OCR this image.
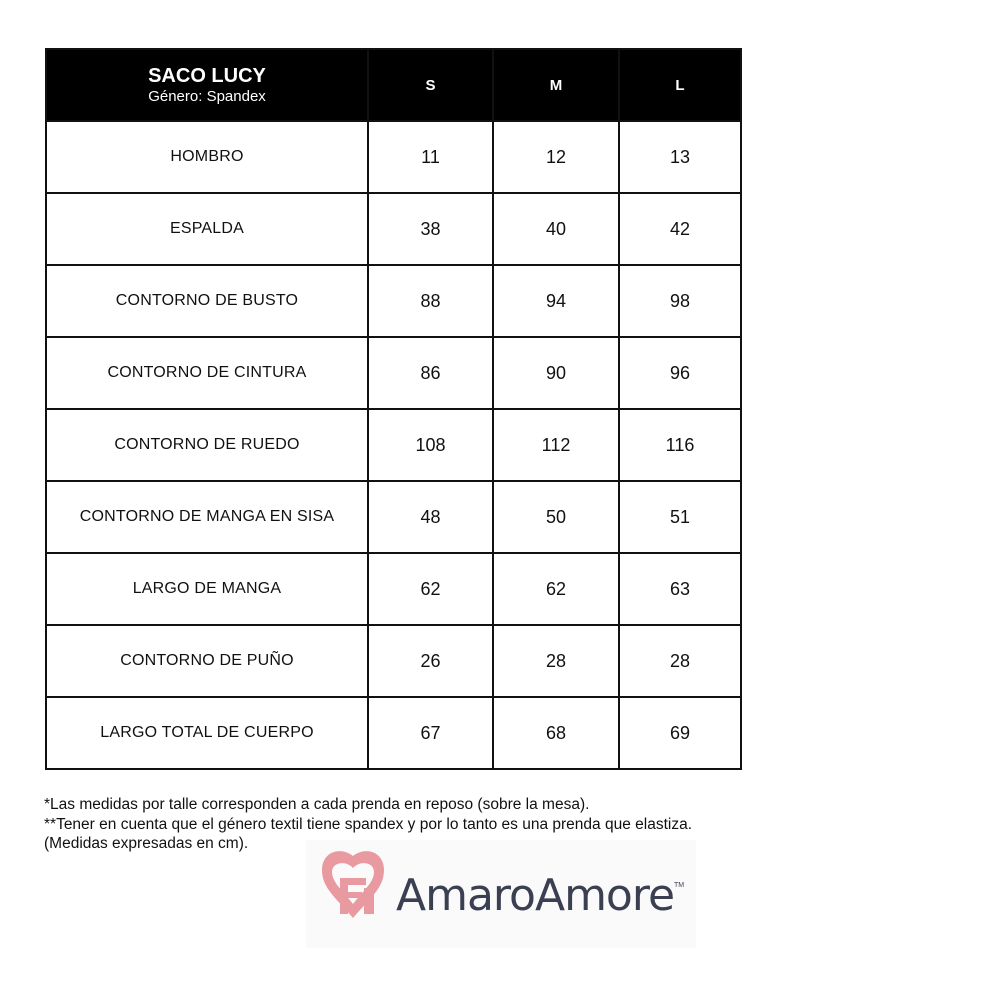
SACO LUCY
Género: Spandex	S	M	L
HOMBRO	11	12	13
ESPALDA	38	40	42
CONTORNO DE BUSTO	88	94	98
CONTORNO DE CINTURA	86	90	96
CONTORNO DE RUEDO	108	112	116
CONTORNO DE MANGA EN SISA	48	50	51
LARGO DE MANGA	62	62	63
CONTORNO DE PUÑO	26	28	28
LARGO TOTAL DE CUERPO	67	68	69
*Las medidas por talle corresponden a cada prenda en reposo (sobre la mesa).
**Tener en cuenta que el género textil tiene spandex y por lo tanto es una prenda que elastiza.
(Medidas expresadas en cm).
AmaroAmore TM
